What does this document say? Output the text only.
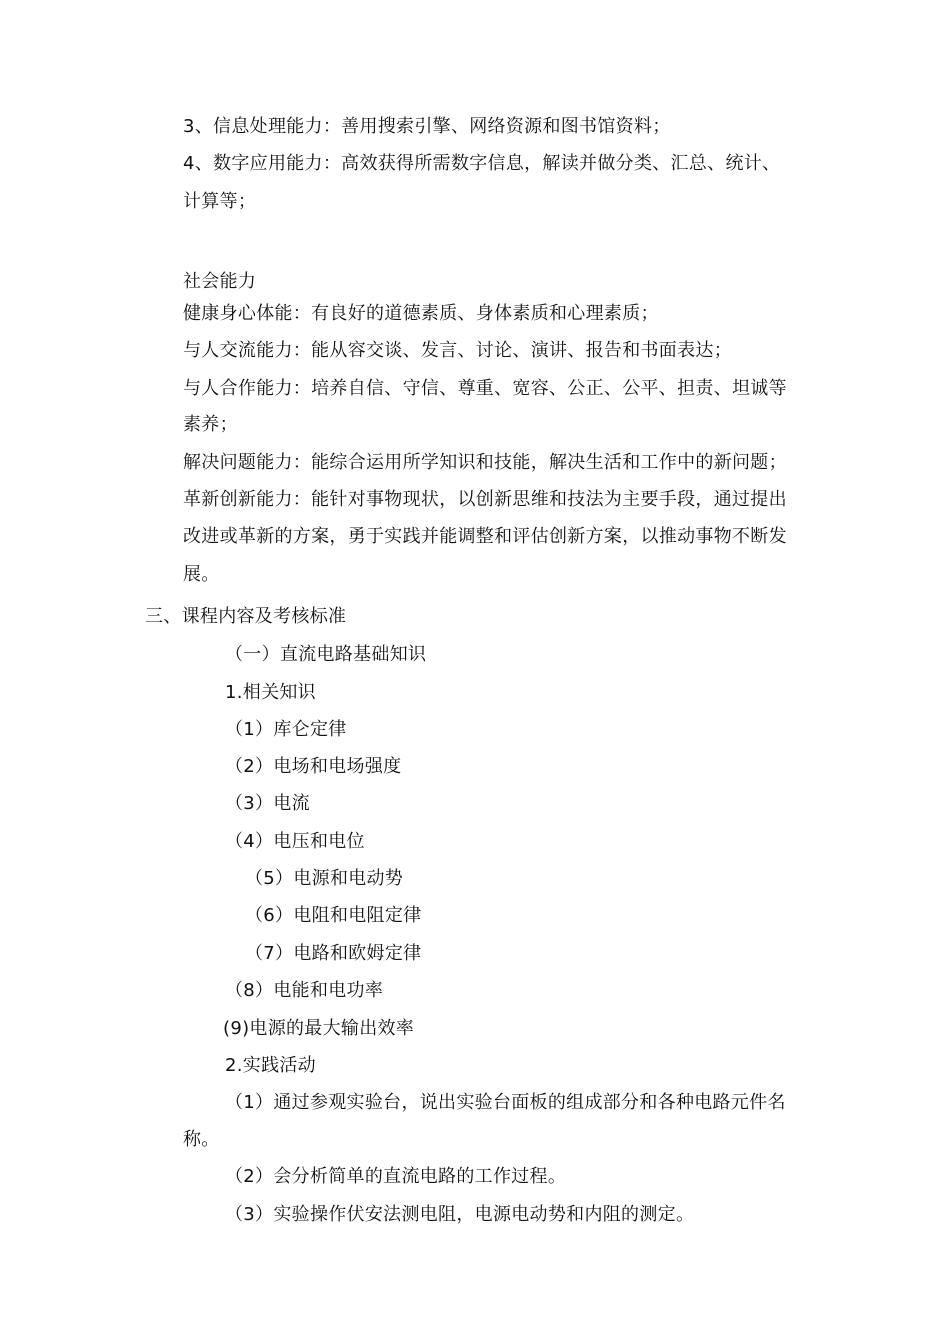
3、信息处理能力：善用搜索引擎、网络资源和图书馆资料；
4、数字应用能力：高效获得所需数字信息，解读并做分类、汇总、统计、
计算等；
社会能力
健康身心体能：有良好的道德素质、身体素质和心理素质；
与人交流能力：能从容交谈、发言、讨论、演讲、报告和书面表达；
与人合作能力：培养自信、守信、尊重、宽容、公正、公平、担责、坦诚等
素养；
解决问题能力：能综合运用所学知识和技能，解决生活和工作中的新问题；
革新创新能力：能针对事物现状，以创新思维和技法为主要手段，通过提出
改进或革新的方案，勇于实践并能调整和评估创新方案，以推动事物不断发
展。
三、课程内容及考核标准
（一）直流电路基础知识
1.相关知识
（1）库仑定律
（2）电场和电场强度
（3）电流
（4）电压和电位
（5）电源和电动势
（6）电阻和电阻定律
（7）电路和欧姆定律
（8）电能和电功率
(9)电源的最大输出效率
2.实践活动
（1）通过参观实验台，说出实验台面板的组成部分和各种电路元件名
称。
（2）会分析简单的直流电路的工作过程。
（3）实验操作伏安法测电阻，电源电动势和内阻的测定。
